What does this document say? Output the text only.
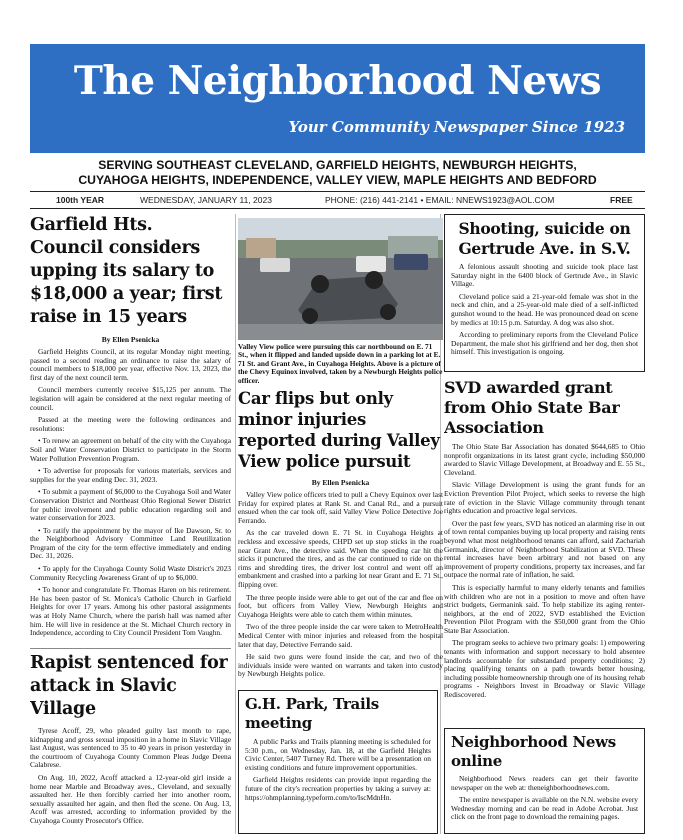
The Neighborhood News
Your Community Newspaper Since 1923
SERVING SOUTHEAST CLEVELAND, GARFIELD HEIGHTS, NEWBURGH HEIGHTS,
CUYAHOGA HEIGHTS, INDEPENDENCE, VALLEY VIEW, MAPLE HEIGHTS AND BEDFORD
100th YEAR	WEDNESDAY, JANUARY 11, 2023	PHONE: (216) 441-2141 • EMAIL: NNEWS1923@AOL.COM	FREE
Garfield Hts. Council considers upping its salary to $18,000 a year; first raise in 15 years
By Ellen Psenicka

Garfield Heights Council, at its regular Monday night meeting, passed to a second reading an ordinance to raise the salary of council members to $18,000 per year, effective Nov. 13, 2023, the first day of the next council term.

Council members currently receive $15,125 per annum. The legislation will again be considered at the next regular meeting of council.

Passed at the meeting were the following ordinances and resolutions:

• To renew an agreement on behalf of the city with the Cuyahoga Soil and Water Conservation District to participate in the Storm Water Pollution Prevention Program.

• To advertise for proposals for various materials, services and supplies for the year ending Dec. 31, 2023.

• To submit a payment of $6,000 to the Cuyahoga Soil and Water Conservation District and Northeast Ohio Regional Sewer District for public involvement and public education regarding soil and water conservation for 2023.

• To ratify the appointment by the mayor of Ike Dawson, Sr. to the Neighborhood Advisory Committee Land Reutilization Program of the city for the term effective immediately and ending Dec. 31, 2026.

• To apply for the Cuyahoga County Solid Waste District's 2023 Community Recycling Awareness Grant of up to $6,000.

• To honor and congratulate Fr. Thomas Haren on his retirement. He has been pastor of St. Monica's Catholic Church in Garfield Heights for over 17 years. Among his other pastoral assignments was at Holy Name Church, where the parish hall was named after him. He will live in residence at the St. Michael Church rectory in Independence, according to City Council President Tom Vaughn.

Rapist sentenced for attack in Slavic Village

Tyrese Acoff, 29, who pleaded guilty last month to rape, kidnapping and gross sexual imposition in a home in Slavic Village last August, was sentenced to 35 to 40 years in prison yesterday in the courtroom of Cuyahoga County Common Pleas Judge Deena Calabrese.

On Aug. 10, 2022, Acoff attacked a 12-year-old girl inside a home near Marble and Broadway aves., Cleveland, and sexually assaulted her. He then forcibly carried her into another room, sexually assaulted her again, and then fled the scene. On Aug. 13, Acoff was arrested, according to information provided by the Cuyahoga County Prosecutor's Office.

Valley View police were pursuing this car northbound on E. 71 St., when it flipped and landed upside down in a parking lot at E. 71 St. and Grant Ave., in Cuyahoga Heights. Above is a picture of the Chevy Equinox involved, taken by a Newburgh Heights police officer.
Car flips but only minor injuries reported during Valley View police pursuit
By Ellen Psenicka

Valley View police officers tried to pull a Chevy Equinox over last Friday for expired plates at Rank St. and Canal Rd., and a pursuit ensued when the car took off, said Valley View Police Detective Joe Ferrando.

As the car traveled down E. 71 St. in Cuyahoga Heights at reckless and excessive speeds, CHPD set up stop sticks in the road near Grant Ave., the detective said. When the speeding car hit the sticks it punctured the tires, and as the car continued to ride on the rims and shredding tires, the driver lost control and went off an embankment and crashed into a parking lot near Grant and E. 71 St., flipping over.

The three people inside were able to get out of the car and flee on foot, but officers from Valley View, Newburgh Heights and Cuyahoga Heights were able to catch them within minutes.

Two of the three people inside the car were taken to MetroHealth Medical Center with minor injuries and released from the hospital later that day, Detective Ferrando said.

He said two guns were found inside the car, and two of the individuals inside were wanted on warrants and taken into custody by Newburgh Heights police.

G.H. Park, Trails meeting

A public Parks and Trails planning meeting is scheduled for 5:30 p.m., on Wednesday, Jan. 18, at the Garfield Heights Civic Center, 5407 Turney Rd. There will be a presentation on existing conditions and future improvement opportunities.

Garfield Heights residents can provide input regarding the future of the city's recreation properties by taking a survey at: https://ohmplanning.typeform.com/to/IscMdnHn.

Shooting, suicide on Gertrude Ave. in S.V.

A felonious assault shooting and suicide took place last Saturday night in the 6400 block of Gertrude Ave., in Slavic Village.

Cleveland police said a 21-year-old female was shot in the neck and chin, and a 25-year-old male died of a self-inflicted gunshot wound to the head. He was pronounced dead on scene by medics at 10:15 p.m. Saturday. A dog was also shot.

According to preliminary reports from the Cleveland Police Department, the male shot his girlfriend and her dog, then shot himself. This investigation is ongoing.

SVD awarded grant from Ohio State Bar Association

The Ohio State Bar Association has donated $644,685 to Ohio nonprofit organizations in its latest grant cycle, including $50,000 awarded to Slavic Village Development, at Broadway and E. 55 St., Cleveland.

Slavic Village Development is using the grant funds for an Eviction Prevention Pilot Project, which seeks to reverse the high rate of eviction in the Slavic Village community through tenant rights education and proactive legal services.

Over the past few years, SVD has noticed an alarming rise in out of town rental companies buying up local property and raising rents beyond what most neighborhood tenants can afford, said Zachariah Germanink, director of Neighborhood Stabilization at SVD. These rental increases have been arbitrary and not based on any improvement of property conditions, property tax increases, and far outpace the normal rate of inflation, he said.

This is especially harmful to many elderly tenants and families with children who are not in a position to move and often have strict budgets, Germanink said. To help stabilize its aging renter-neighbors, at the end of 2022, SVD established the Eviction Prevention Pilot Program with the $50,000 grant from the Ohio State Bar Association.

The program seeks to achieve two primary goals: 1) empowering tenants with information and support necessary to hold absentee landlords accountable for substandard property conditions; 2) placing qualifying tenants on a path towards better housing, including possible homeownership through one of its housing rehab programs - Neighbors Invest in Broadway or Slavic Village Rediscovered.

Neighborhood News online

Neighborhood News readers can get their favorite newspaper on the web at: theneighborhoodnews.com.

The entire newspaper is available on the N.N. website every Wednesday morning and can be read in Adobe Acrobat. Just click on the front page to download the remaining pages.
